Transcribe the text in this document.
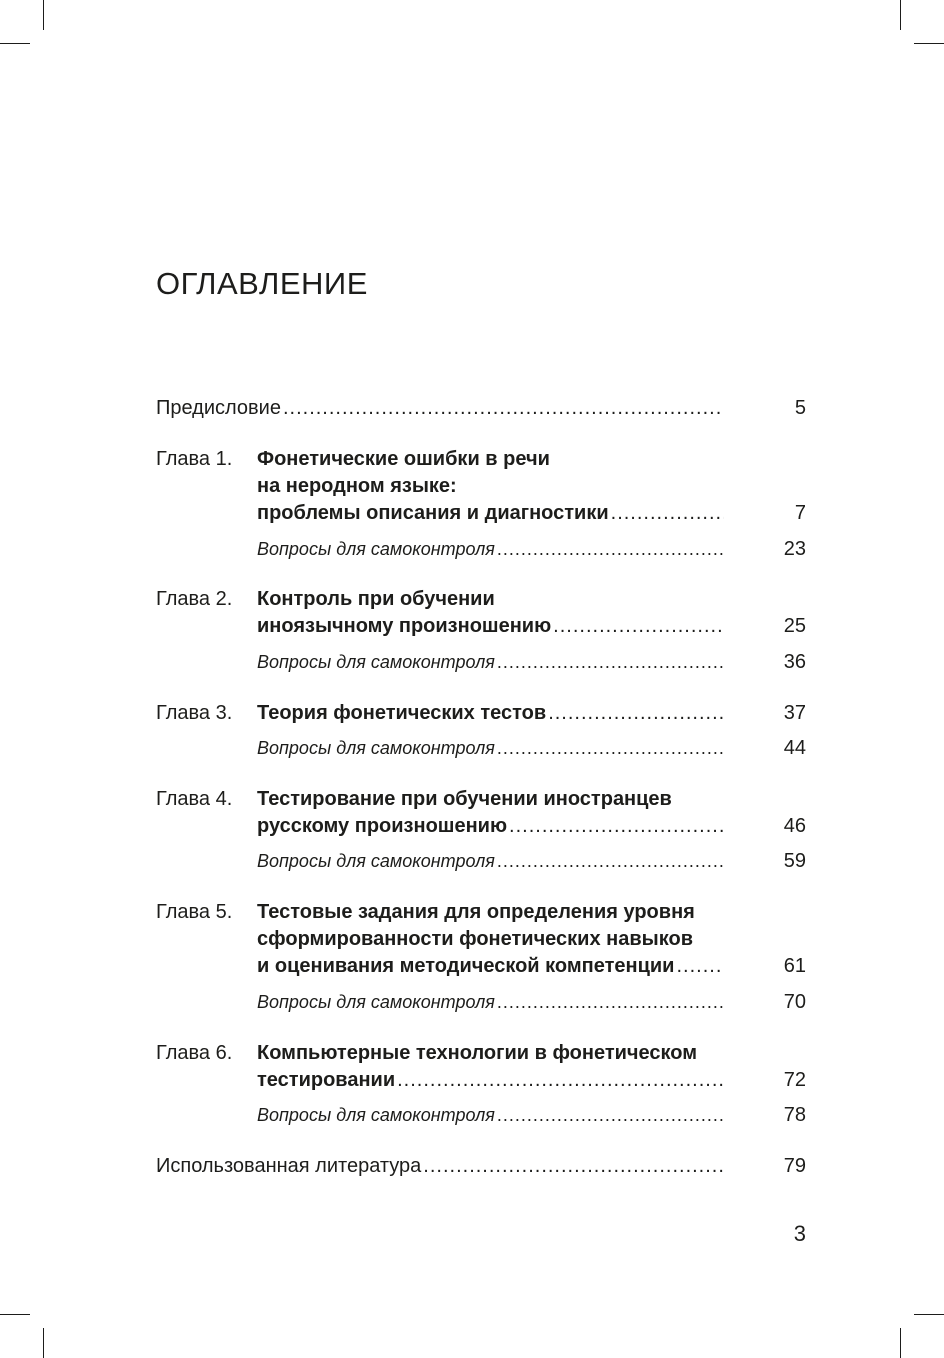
ОГЛАВЛЕНИЕ
Предисловие .....	5
Глава 1. Фонетические ошибки в речи
на неродном языке:
проблемы описания и диагностики .....	7
Вопросы для самоконтроля .....	23
Глава 2. Контроль при обучении
иноязычному произношению .....	25
Вопросы для самоконтроля .....	36
Глава 3. Теория фонетических тестов .....	37
Вопросы для самоконтроля .....	44
Глава 4. Тестирование при обучении иностранцев
русскому произношению .....	46
Вопросы для самоконтроля .....	59
Глава 5. Тестовые задания для определения уровня
сформированности фонетических навыков
и оценивания методической компетенции .....	61
Вопросы для самоконтроля .....	70
Глава 6. Компьютерные технологии в фонетическом
тестировании .....	72
Вопросы для самоконтроля .....	78
Использованная литература .....	79
3
